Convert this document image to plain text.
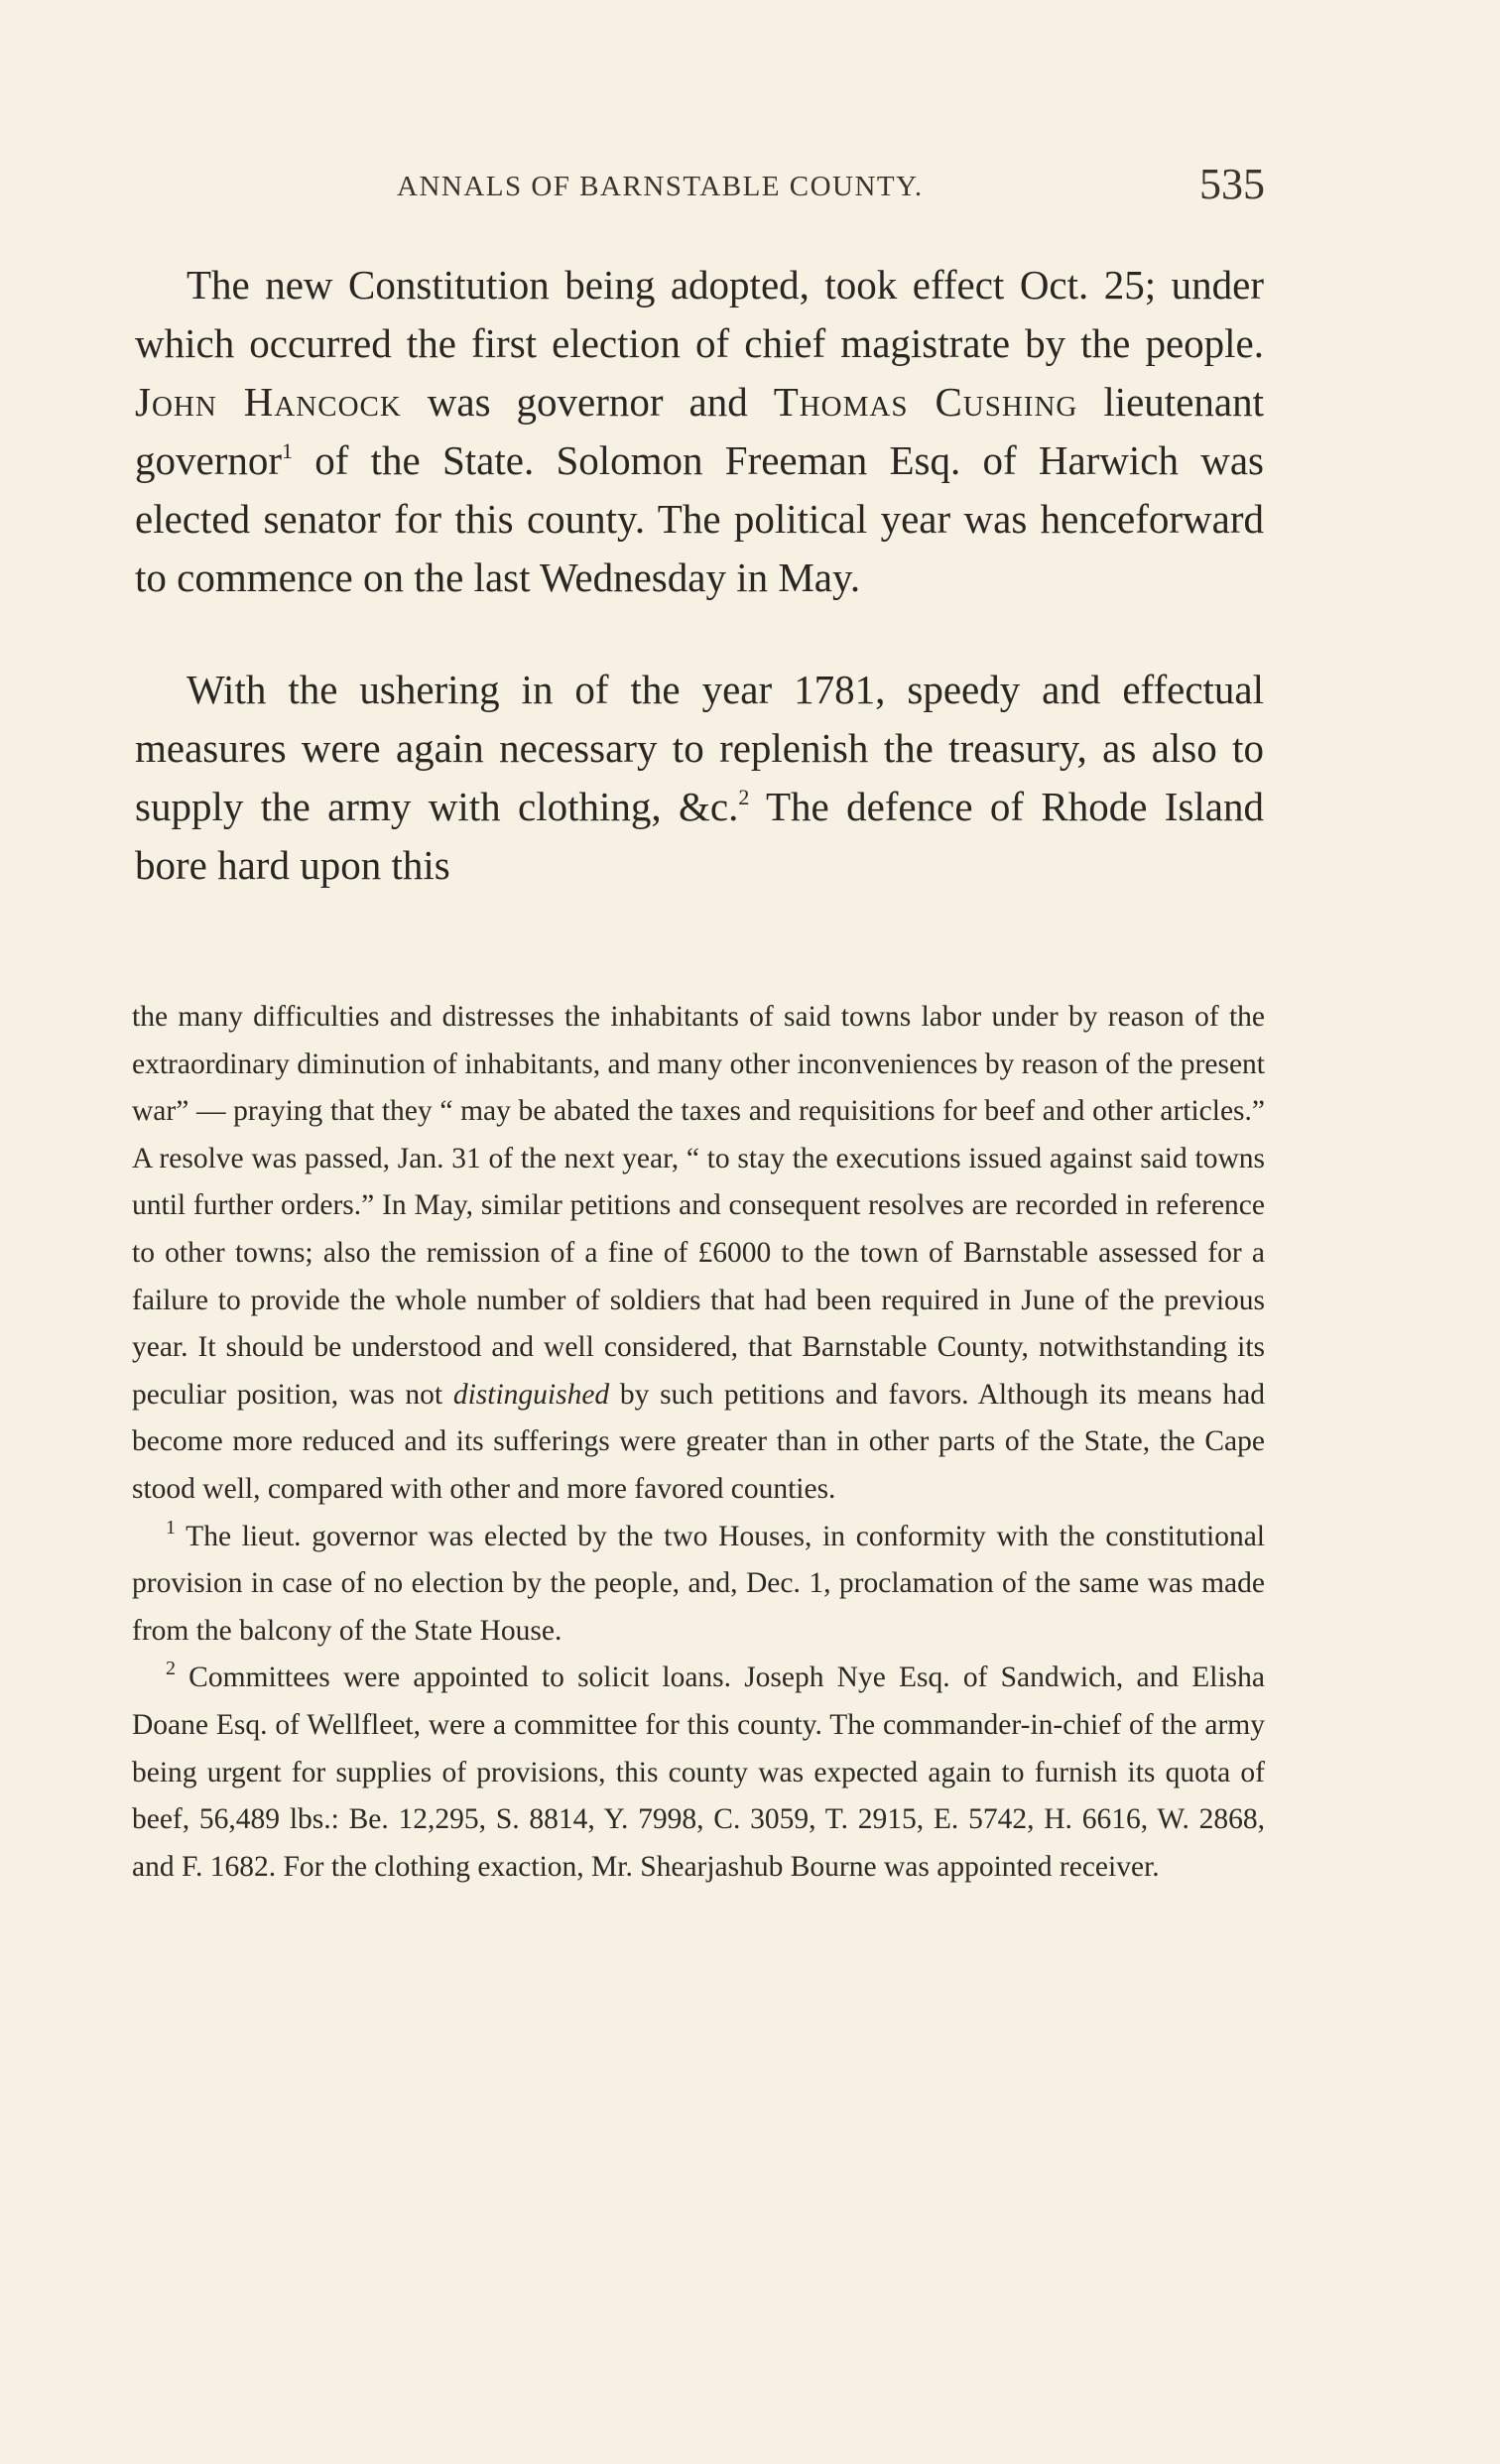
ANNALS OF BARNSTABLE COUNTY.	535

The new Constitution being adopted, took effect Oct. 25; under which occurred the first election of chief magistrate by the people. John Hancock was governor and Thomas Cushing lieutenant governor$^1$ of the State. Solomon Freeman Esq. of Harwich was elected senator for this county. The political year was henceforward to commence on the last Wednesday in May.

With the ushering in of the year 1781, speedy and effectual measures were again necessary to replenish the treasury, as also to supply the army with clothing, &c.$^2$ The defence of Rhode Island bore hard upon this

the many difficulties and distresses the inhabitants of said towns labor under by reason of the extraordinary diminution of inhabitants, and many other inconveniences by reason of the present war” — praying that they “ may be abated the taxes and requisitions for beef and other articles.” A resolve was passed, Jan. 31 of the next year, “ to stay the executions issued against said towns until further orders.” In May, similar petitions and consequent resolves are recorded in reference to other towns; also the remission of a fine of £6000 to the town of Barnstable assessed for a failure to provide the whole number of soldiers that had been required in June of the previous year. It should be understood and well considered, that Barnstable County, notwithstanding its peculiar position, was not distinguished by such petitions and favors. Although its means had become more reduced and its sufferings were greater than in other parts of the State, the Cape stood well, compared with other and more favored counties.

$^1$ The lieut. governor was elected by the two Houses, in conformity with the constitutional provision in case of no election by the people, and, Dec. 1, proclamation of the same was made from the balcony of the State House.

$^2$ Committees were appointed to solicit loans. Joseph Nye Esq. of Sandwich, and Elisha Doane Esq. of Wellfleet, were a committee for this county. The commander-in-chief of the army being urgent for supplies of provisions, this county was expected again to furnish its quota of beef, 56,489 lbs.: Be. 12,295, S. 8814, Y. 7998, C. 3059, T. 2915, E. 5742, H. 6616, W. 2868, and F. 1682. For the clothing exaction, Mr. Shearjashub Bourne was appointed receiver.
